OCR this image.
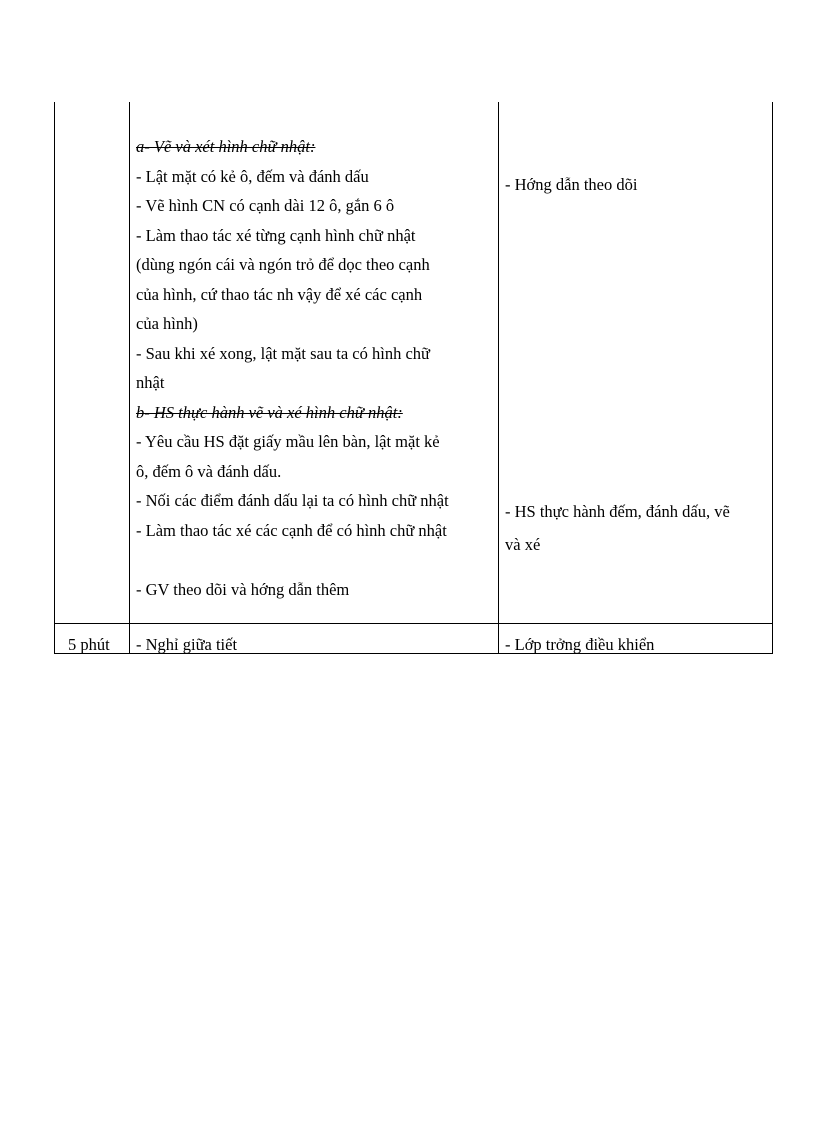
a- Vẽ và xét hình chữ nhật:
- Lật mặt có kẻ ô, đếm và đánh dấu
- Vẽ hình CN có cạnh dài 12 ô, gắn 6 ô
- Làm thao tác xé từng cạnh hình chữ nhật
(dùng ngón cái và ngón trỏ để dọc theo cạnh
của hình, cứ thao tác nh vậy để xé các cạnh
của hình)
- Sau khi xé xong, lật mặt sau ta có hình chữ
nhật
b- HS thực hành vẽ và xé hình chữ nhật:
- Yêu cầu HS đặt giấy mầu lên bàn, lật mặt kẻ
ô, đếm ô và đánh dấu.
- Nối các điểm đánh dấu lại ta có hình chữ nhật
- Làm thao tác xé các cạnh để có hình chữ nhật
- GV theo dõi và hớng dẫn thêm
- Hớng dẫn theo dõi
- HS thực hành đếm, đánh dấu, vẽ
và xé
5 phút - Nghỉ giữa tiết	- Lớp trởng điều khiển
